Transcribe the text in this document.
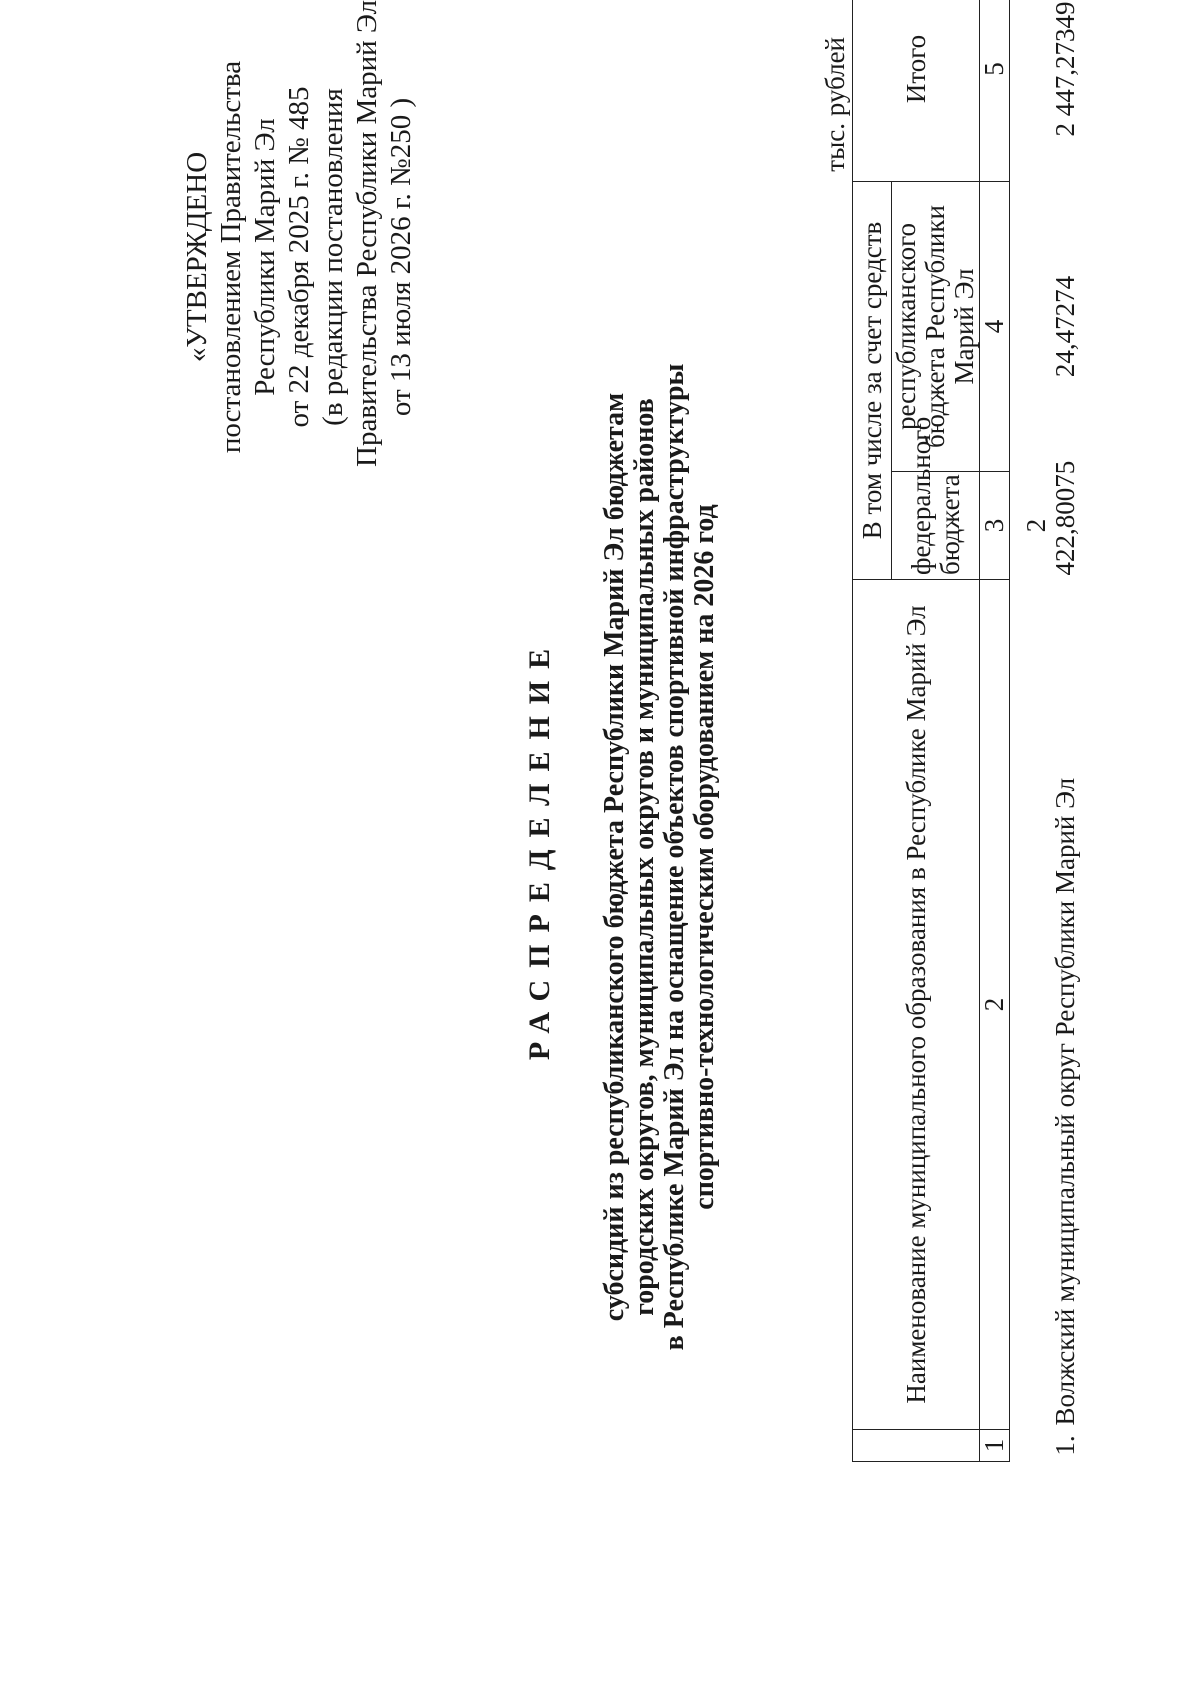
«УТВЕРЖДЕНО постановлением Правительства Республики Марий Эл от 22 декабря 2025 г. № 485 (в редакции постановления Правительства Республики Марий Эл от 13 июля 2026 г. №250 )
РАСПРЕДЕЛЕНИЕ субсидий из республиканского бюджета Республики Марий Эл бюджетам городских округов, муниципальных округов и муниципальных районов в Республике Марий Эл на оснащение объектов спортивной инфраструктуры спортивно-технологическим оборудованием на 2026 год
тыс. рублей
	Наименование муниципального образования в Республике Марий Эл	В том числе за счет средств		Итого
		федерального бюджета	республиканского бюджета Республики Марий Эл	
1	2	3	4	5
1.	Волжский муниципальный округ Республики Марий Эл	2 422,80075	24,47274	2 447,27349
